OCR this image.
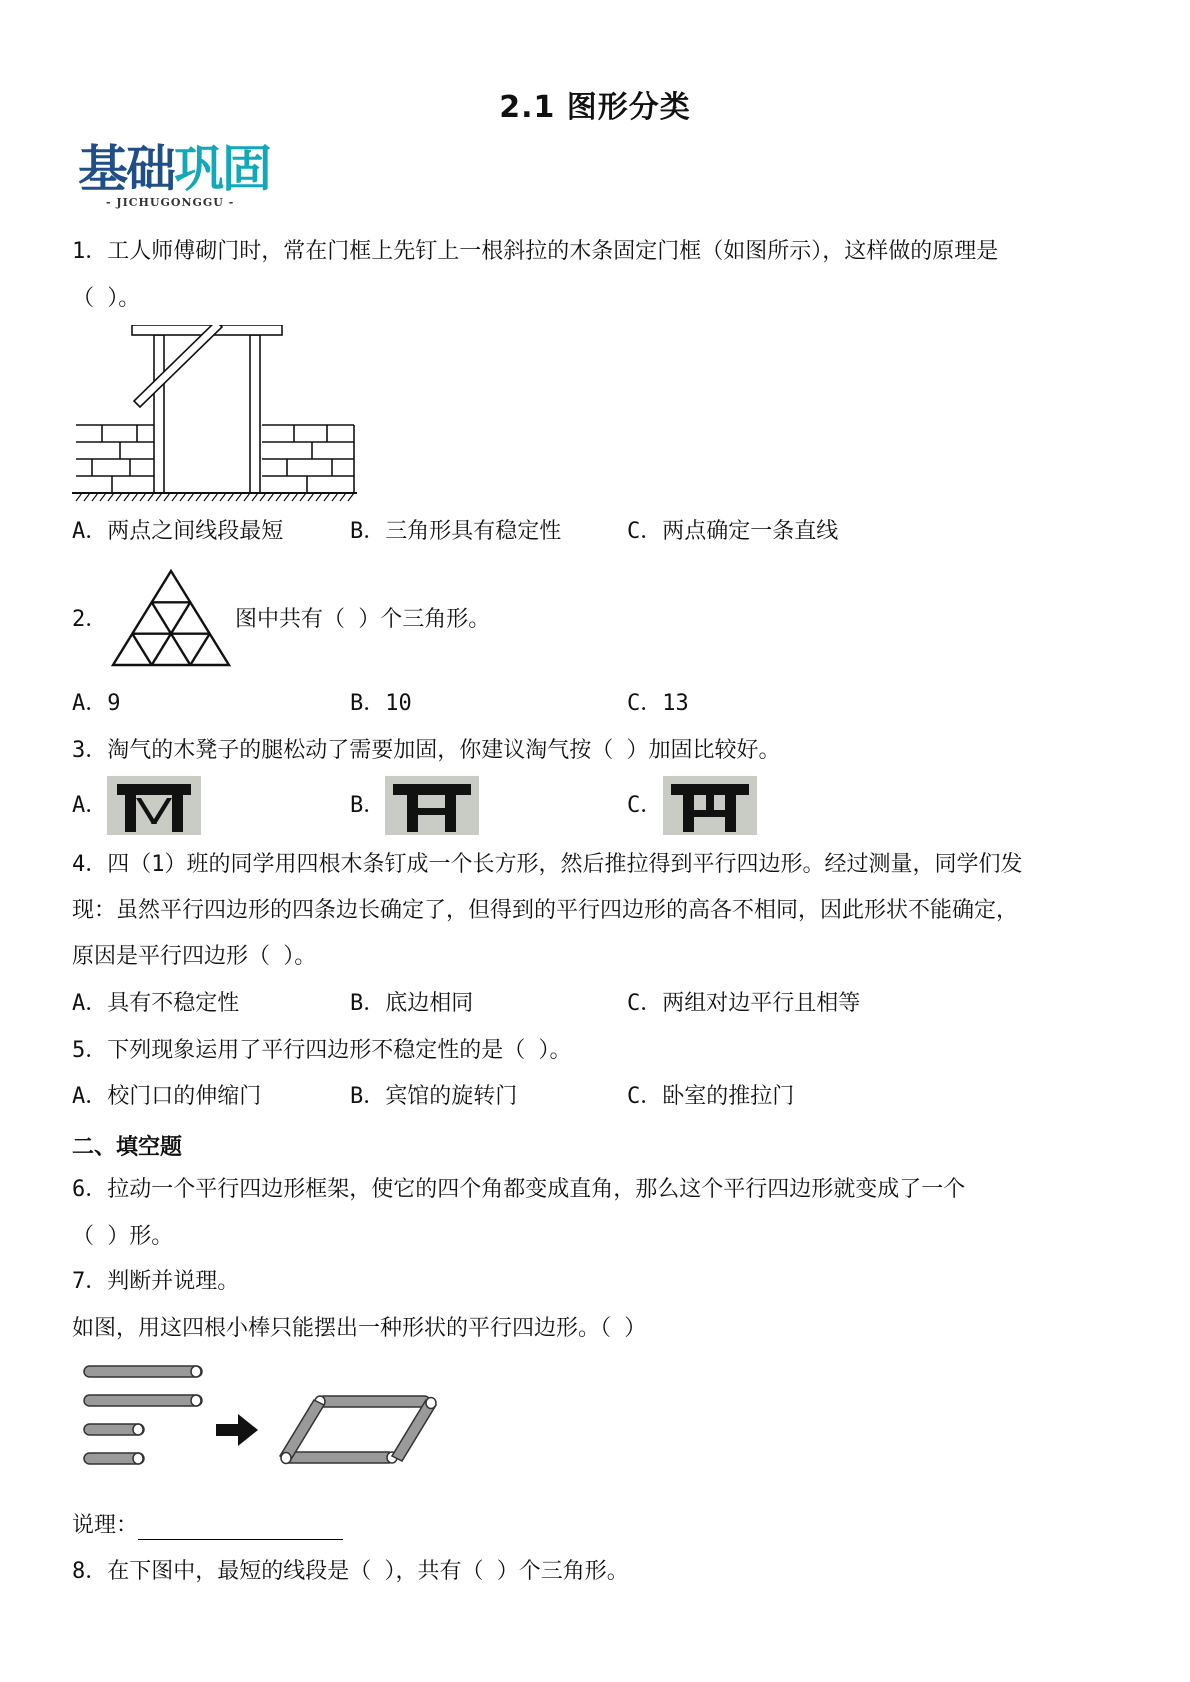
2.1 图形分类
基础巩固
- JICHUGONGGU -
1．工人师傅砌门时，常在门框上先钉上一根斜拉的木条固定门框（如图所示），这样做的原理是
（ ）。
A．两点之间线段最短	B．三角形具有稳定性	C．两点确定一条直线
2．	图中共有（ ）个三角形。
A．9	B．10	C．13
3．淘气的木凳子的腿松动了需要加固，你建议淘气按（ ）加固比较好。
A．	B．	C．
4．四（1）班的同学用四根木条钉成一个长方形，然后推拉得到平行四边形。经过测量，同学们发
现：虽然平行四边形的四条边长确定了，但得到的平行四边形的高各不相同，因此形状不能确定，
原因是平行四边形（ ）。
A．具有不稳定性	B．底边相同	C．两组对边平行且相等
5．下列现象运用了平行四边形不稳定性的是（ ）。
A．校门口的伸缩门	B．宾馆的旋转门	C．卧室的推拉门
二、填空题
6．拉动一个平行四边形框架，使它的四个角都变成直角，那么这个平行四边形就变成了一个
（ ）形。
7．判断并说理。
如图，用这四根小棒只能摆出一种形状的平行四边形。（ ）
说理：
8．在下图中，最短的线段是（ ），共有（ ）个三角形。
